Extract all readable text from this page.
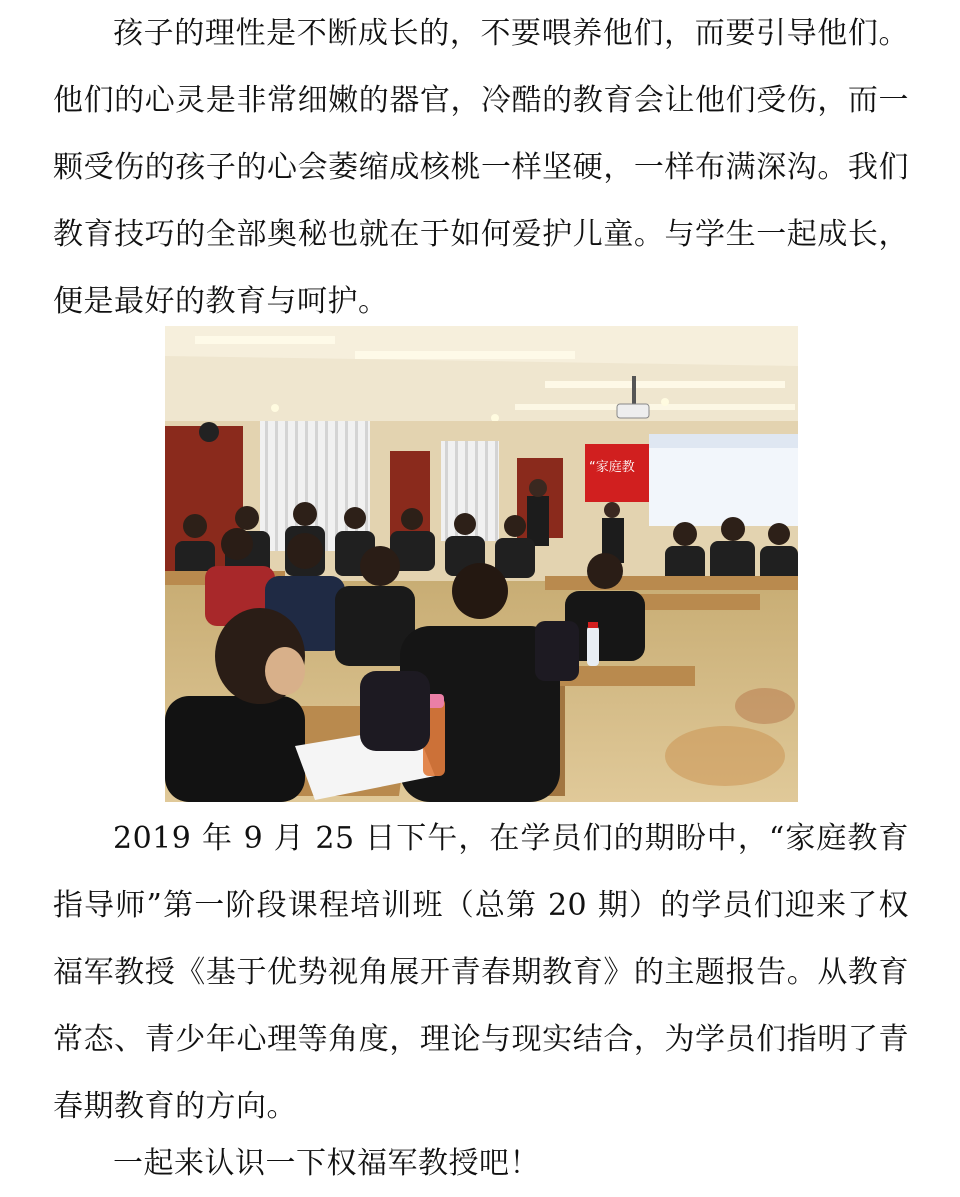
孩子的理性是不断成长的，不要喂养他们，而要引导他们。他们的心灵是非常细嫩的器官，冷酷的教育会让他们受伤，而一颗受伤的孩子的心会萎缩成核桃一样坚硬，一样布满深沟。我们教育技巧的全部奥秘也就在于如何爱护儿童。与学生一起成长，便是最好的教育与呵护。

“家庭教

2019 年 9 月 25 日下午，在学员们的期盼中，“家庭教育指导师”第一阶段课程培训班（总第 20 期）的学员们迎来了权福军教授《基于优势视角展开青春期教育》的主题报告。从教育常态、青少年心理等角度，理论与现实结合，为学员们指明了青春期教育的方向。

一起来认识一下权福军教授吧！
